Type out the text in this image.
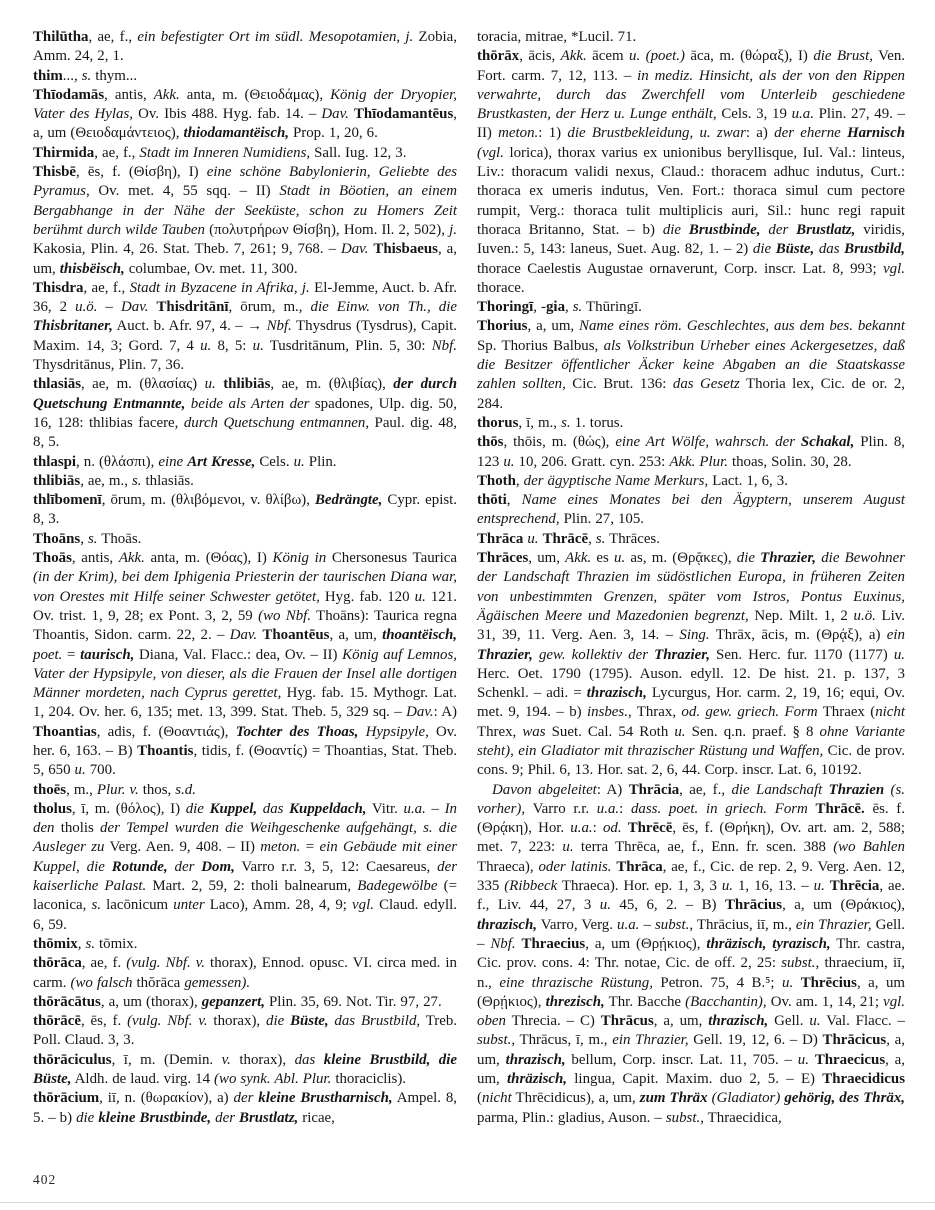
Thilūtha, ae, f., ein befestigter Ort im südl. Mesopotamien, j. Zobia, Amm. 24, 2, 1.

thim..., s. thym...

Thīodamās, antis, Akk. anta, m. (Θειοδάμας), König der Dryopier, Vater des Hylas, Ov. Ibis 488. Hyg. fab. 14. – Dav. Thīodamantēus, a, um (Θειοδαμάντειος), thiodamantëisch, Prop. 1, 20, 6.

Thirmida, ae, f., Stadt im Inneren Numidiens, Sall. Iug. 12, 3.

Thisbē, ēs, f. (Θίσβη), I) eine schöne Babylonierin, Geliebte des Pyramus, Ov. met. 4, 55 sqq. – II) Stadt in Böotien, an einem Bergabhange in der Nähe der Seeküste, schon zu Homers Zeit berühmt durch wilde Tauben (πολυτρήρων Θίσβη), Hom. Il. 2, 502), j. Kakosia, Plin. 4, 26. Stat. Theb. 7, 261; 9, 768. – Dav. Thisbaeus, a, um, thisbëisch, columbae, Ov. met. 11, 300.

Thisdra, ae, f., Stadt in Byzacene in Afrika, j. El-Jemme, Auct. b. Afr. 36, 2 u.ö. – Dav. Thisdritānī, ōrum, m., die Einw. von Th., die Thisbritaner, Auct. b. Afr. 97, 4. – → Nbf. Thysdrus (Tysdrus), Capit. Maxim. 14, 3; Gord. 7, 4 u. 8, 5: u. Tusdritānum, Plin. 5, 30: Nbf. Thysdritānus, Plin. 7, 36.

thlasiās, ae, m. (θλασίας) u. thlibiās, ae, m. (θλιβίας), der durch Quetschung Entmannte, beide als Arten der spadones, Ulp. dig. 50, 16, 128: thlibias facere, durch Quetschung entmannen, Paul. dig. 48, 8, 5.

thlaspi, n. (θλάσπι), eine Art Kresse, Cels. u. Plin.

thlibiās, ae, m., s. thlasiās.

thlībomenī, ōrum, m. (θλιβόμενοι, v. θλίβω), Bedrängte, Cypr. epist. 8, 3.

Thoāns, s. Thoās.

Thoās, antis, Akk. anta, m. (Θόας), I) König in Chersonesus Taurica (in der Krim), bei dem Iphigenia Priesterin der taurischen Diana war, von Orestes mit Hilfe seiner Schwester getötet, Hyg. fab. 120 u. 121. Ov. trist. 1, 9, 28; ex Pont. 3, 2, 59 (wo Nbf. Thoāns): Taurica regna Thoantis, Sidon. carm. 22, 2. – Dav. Thoantēus, a, um, thoantëisch, poet. = taurisch, Diana, Val. Flacc.: dea, Ov. – II) König auf Lemnos, Vater der Hypsipyle, von dieser, als die Frauen der Insel alle dortigen Männer mordeten, nach Cyprus gerettet, Hyg. fab. 15. Mythogr. Lat. 1, 204. Ov. her. 6, 135; met. 13, 399. Stat. Theb. 5, 329 sq. – Dav.: A) Thoantias, adis, f. (Θοαντιάς), Tochter des Thoas, Hypsipyle, Ov. her. 6, 163. – B) Thoantis, tidis, f. (Θοαντίς) = Thoantias, Stat. Theb. 5, 650 u. 700.

thoēs, m., Plur. v. thos, s.d.

tholus, ī, m. (θόλος), I) die Kuppel, das Kuppeldach, Vitr. u.a. – In den tholis der Tempel wurden die Weihgeschenke aufgehängt, s. die Ausleger zu Verg. Aen. 9, 408. – II) meton. = ein Gebäude mit einer Kuppel, die Rotunde, der Dom, Varro r.r. 3, 5, 12: Caesareus, der kaiserliche Palast. Mart. 2, 59, 2: tholi balnearum, Badegewölbe (= laconica, s. lacōnicum unter Laco), Amm. 28, 4, 9; vgl. Claud. edyll. 6, 59.

thōmix, s. tōmix.

thōrāca, ae, f. (vulg. Nbf. v. thorax), Ennod. opusc. VI. circa med. in carm. (wo falsch thŏrāca gemessen).

thōrācātus, a, um (thorax), gepanzert, Plin. 35, 69. Not. Tir. 97, 27.

thōrācē, ēs, f. (vulg. Nbf. v. thorax), die Büste, das Brustbild, Treb. Poll. Claud. 3, 3.

thōrāciculus, ī, m. (Demin. v. thorax), das kleine Brustbild, die Büste, Aldh. de laud. virg. 14 (wo synk. Abl. Plur. thoraciclis).

thōrācium, iī, n. (θωρακίον), a) der kleine Brustharnisch, Ampel. 8, 5. – b) die kleine Brustbinde, der Brustlatz, ricae,

toracia, mitrae, *Lucil. 71.

thōrāx, ācis, Akk. ācem u. (poet.) āca, m. (θώραξ), I) die Brust, Ven. Fort. carm. 7, 12, 113. – in mediz. Hinsicht, als der von den Rippen verwahrte, durch das Zwerchfell vom Unterleib geschiedene Brustkasten, der Herz u. Lunge enthält, Cels. 3, 19 u.a. Plin. 27, 49. – II) meton.: 1) die Brustbekleidung, u. zwar: a) der eherne Harnisch (vgl. lorica), thorax varius ex unionibus beryllisque, Iul. Val.: linteus, Liv.: thoracum validi nexus, Claud.: thoracem adhuc indutus, Curt.: thoraca ex umeris indutus, Ven. Fort.: thoraca simul cum pectore rumpit, Verg.: thoraca tulit multiplicis auri, Sil.: hunc regi rapuit thoraca Britanno, Stat. – b) die Brustbinde, der Brustlatz, viridis, Iuven.: 5, 143: laneus, Suet. Aug. 82, 1. – 2) die Büste, das Brustbild, thorace Caelestis Augustae ornaverunt, Corp. inscr. Lat. 8, 993; vgl. thorace.

Thoringī, -gia, s. Thūringī.

Thorius, a, um, Name eines röm. Geschlechtes, aus dem bes. bekannt Sp. Thorius Balbus, als Volkstribun Urheber eines Ackergesetzes, daß die Besitzer öffentlicher Äcker keine Abgaben an die Staatskasse zahlen sollten, Cic. Brut. 136: das Gesetz Thoria lex, Cic. de or. 2, 284.

thorus, ī, m., s. 1. torus.

thōs, thōis, m. (θώς), eine Art Wölfe, wahrsch. der Schakal, Plin. 8, 123 u. 10, 206. Gratt. cyn. 253: Akk. Plur. thoas, Solin. 30, 28.

Thoth, der ägyptische Name Merkurs, Lact. 1, 6, 3.

thōti, Name eines Monates bei den Ägyptern, unserem August entsprechend, Plin. 27, 105.

Thrāca u. Thrācē, s. Thrāces.

Thrāces, um, Akk. es u. as, m. (Θρᾷκες), die Thrazier, die Bewohner der Landschaft Thrazien im südöstlichen Europa, in früheren Zeiten von unbestimmten Grenzen, später vom Istros, Pontus Euxinus, Ägäischen Meere und Mazedonien begrenzt, Nep. Milt. 1, 2 u.ö. Liv. 31, 39, 11. Verg. Aen. 3, 14. – Sing. Thrāx, ācis, m. (Θρᾴξ), a) ein Thrazier, gew. kollektiv der Thrazier, Sen. Herc. fur. 1170 (1177) u. Herc. Oet. 1790 (1795). Auson. edyll. 12. De hist. 21. p. 137, 3 Schenkl. – adi. = thrazisch, Lycurgus, Hor. carm. 2, 19, 16; equi, Ov. met. 9, 194. – b) insbes., Thrax, od. gew. griech. Form Thraex (nicht Threx, was Suet. Cal. 54 Roth u. Sen. q.n. praef. § 8 ohne Variante steht), ein Gladiator mit thrazischer Rüstung und Waffen, Cic. de prov. cons. 9; Phil. 6, 13. Hor. sat. 2, 6, 44. Corp. inscr. Lat. 6, 10192.

Davon abgeleitet: A) Thrācia, ae, f., die Landschaft Thrazien (s. vorher), Varro r.r. u.a.: dass. poet. in griech. Form Thrācē. ēs. f. (Θρᾴκη), Hor. u.a.: od. Thrēcē, ēs, f. (Θρήκη), Ov. art. am. 2, 588; met. 7, 223: u. terra Thrēca, ae, f., Enn. fr. scen. 388 (wo Bahlen Thraeca), oder latinis. Thrāca, ae, f., Cic. de rep. 2, 9. Verg. Aen. 12, 335 (Ribbeck Thraeca). Hor. ep. 1, 3, 3 u. 1, 16, 13. – u. Thrēcia, ae. f., Liv. 44, 27, 3 u. 45, 6, 2. – B) Thrācius, a, um (Θράκιος), thrazisch, Varro, Verg. u.a. – subst., Thrācius, iī, m., ein Thrazier, Gell. – Nbf. Thraecius, a, um (Θρῄκιος), thräzisch, tyrazisch, Thr. castra, Cic. prov. cons. 4: Thr. notae, Cic. de off. 2, 25: subst., thraecium, iī, n., eine thrazische Rüstung, Petron. 75, 4 B.⁵; u. Thrēcius, a, um (Θρῄκιος), threzisch, Thr. Bacche (Bacchantin), Ov. am. 1, 14, 21; vgl. oben Threcia. – C) Thrācus, a, um, thrazisch, Gell. u. Val. Flacc. – subst., Thrācus, ī, m., ein Thrazier, Gell. 19, 12, 6. – D) Thrācicus, a, um, thrazisch, bellum, Corp. inscr. Lat. 11, 705. – u. Thraecicus, a, um, thräzisch, lingua, Capit. Maxim. duo 2, 5. – E) Thraecidicus (nicht Thrēcidicus), a, um, zum Thräx (Gladiator) gehörig, des Thräx, parma, Plin.: gladius, Auson. – subst., Thraecidica,

402
